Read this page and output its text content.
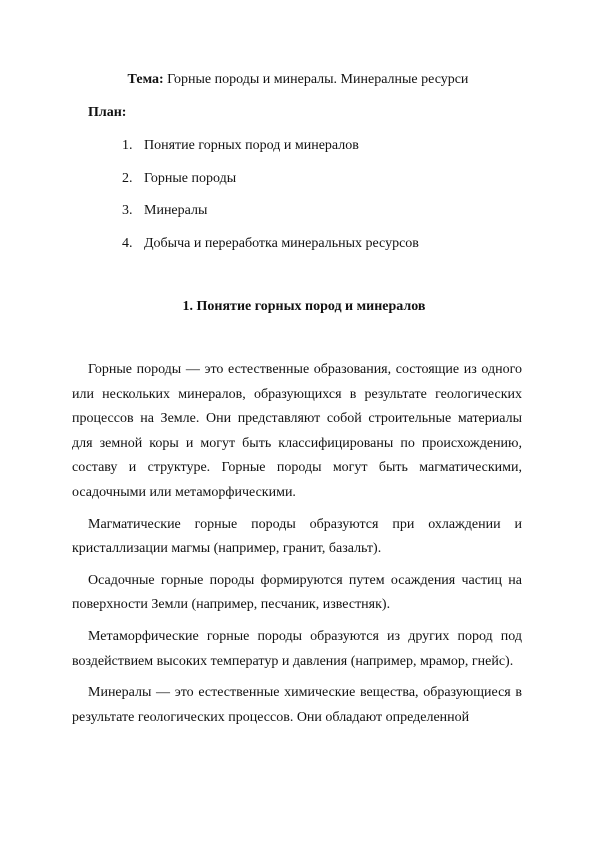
Тема: Горные породы и минералы. Минералные ресурси
План:
1. Понятие горных пород и минералов
2. Горные породы
3. Минералы
4. Добыча и переработка минеральных ресурсов
1. Понятие горных пород и минералов

Горные породы — это естественные образования, состоящие из одного или нескольких минералов, образующихся в результате геологических процессов на Земле. Они представляют собой строительные материалы для земной коры и могут быть классифицированы по происхождению, составу и структуре. Горные породы могут быть магматическими, осадочными или метаморфическими.

Магматические горные породы образуются при охлаждении и кристаллизации магмы (например, гранит, базальт).

Осадочные горные породы формируются путем осаждения частиц на поверхности Земли (например, песчаник, известняк).

Метаморфические горные породы образуются из других пород под воздействием высоких температур и давления (например, мрамор, гнейс).

Минералы — это естественные химические вещества, образующиеся в результате геологических процессов. Они обладают определенной
